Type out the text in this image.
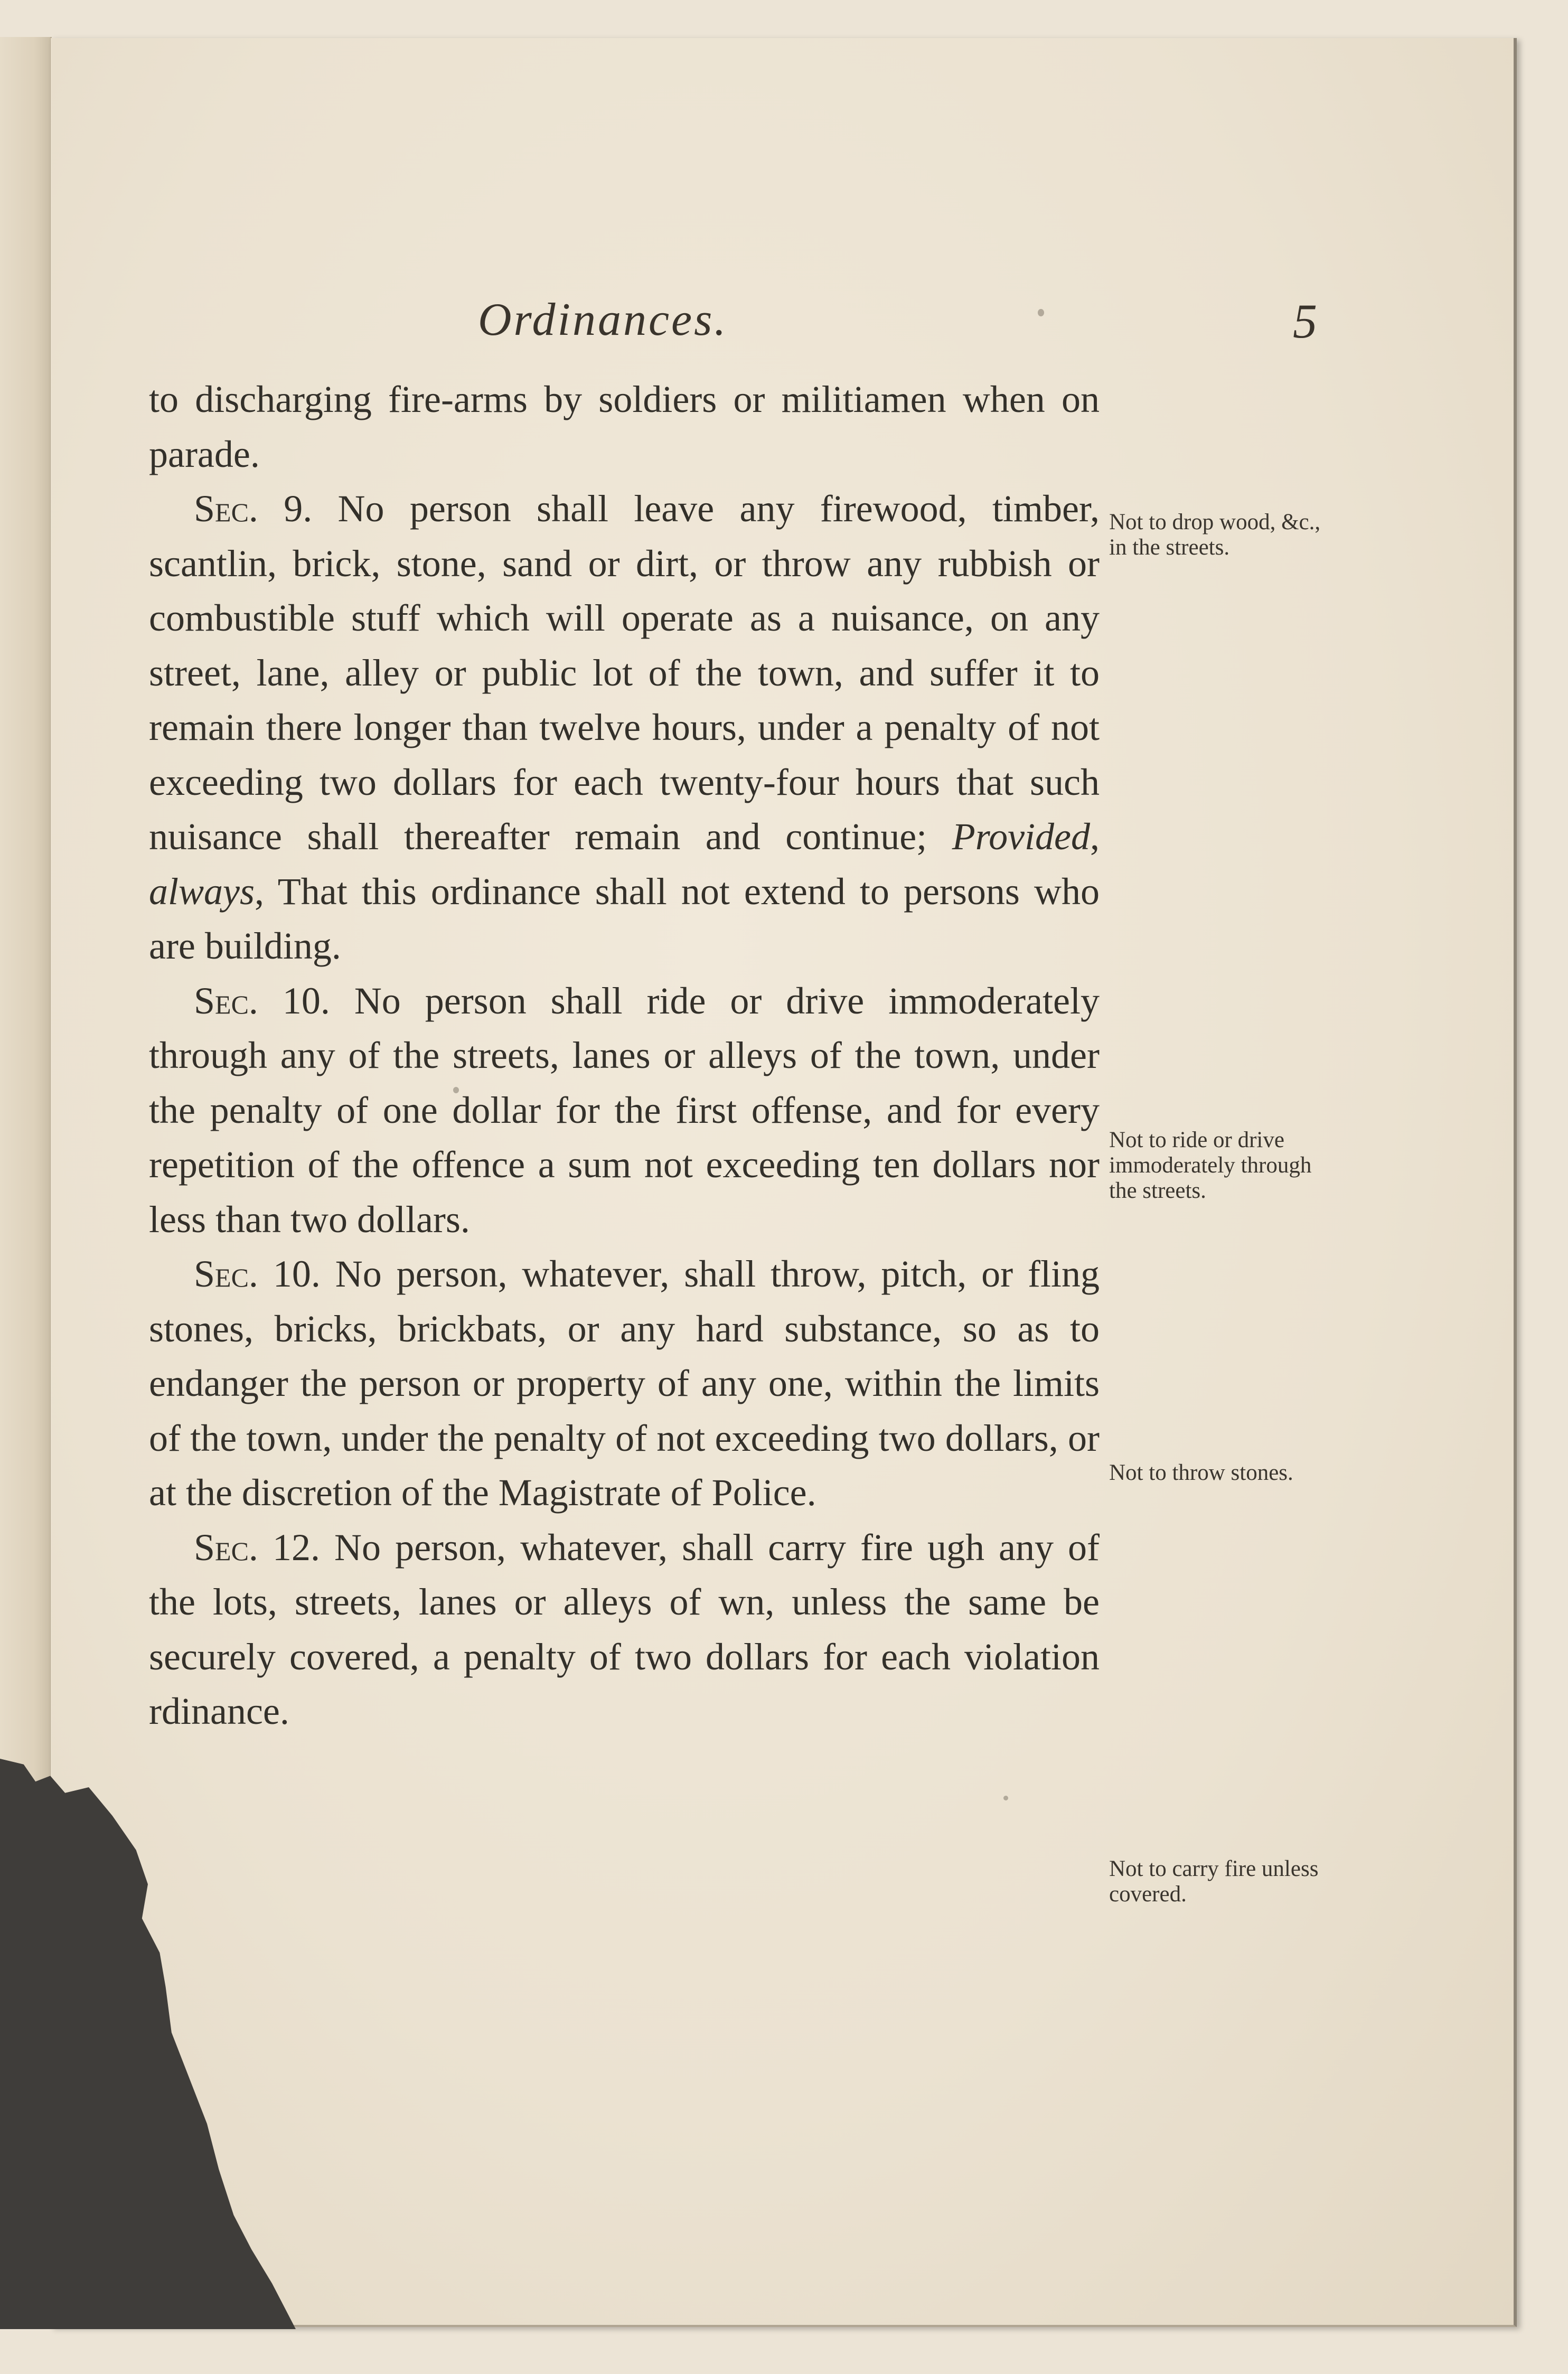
Ordinances.	5

to discharging fire-arms by soldiers or militiamen when on parade.

Sec. 9. No person shall leave any firewood, timber, scantlin, brick, stone, sand or dirt, or throw any rubbish or combustible stuff which will operate as a nuisance, on any street, lane, alley or public lot of the town, and suffer it to remain there longer than twelve hours, under a penalty of not exceeding two dollars for each twenty-four hours that such nuisance shall thereafter remain and continue; Provided, always, That this ordinance shall not extend to persons who are building.

Sec. 10. No person shall ride or drive immoderately through any of the streets, lanes or alleys of the town, under the penalty of one dollar for the first offense, and for every repetition of the offence a sum not exceeding ten dollars nor less than two dollars.

Sec. 10. No person, whatever, shall throw, pitch, or fling stones, bricks, brickbats, or any hard substance, so as to endanger the person or property of any one, within the limits of the town, under the penalty of not exceeding two dollars, or at the discretion of the Magistrate of Police.

Sec. 12. No person, whatever, shall carry fire ugh any of the lots, streets, lanes or alleys of wn, unless the same be securely covered, a penalty of two dollars for each violation rdinance.

Not to drop wood, &c., in the streets.
Not to ride or drive immoderately through the streets.
Not to throw stones.
Not to carry fire unless covered.
